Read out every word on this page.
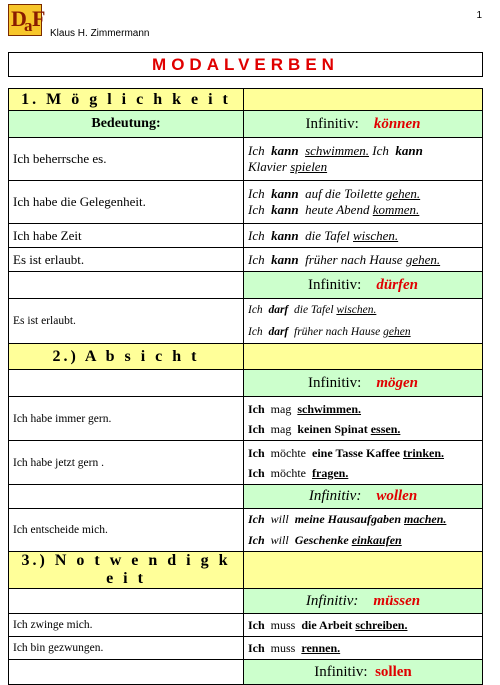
D
a F
Klaus H. Zimmermann
1
MODALVERBEN
1. M ö g l i c h k e i t	
Bedeutung:	Infinitiv: können
Ich beherrsche es.	Ich kann schwimmen. Ich kann
Klavier spielen
Ich habe die Gelegenheit.	Ich kann auf die Toilette gehen.
Ich kann heute Abend kommen.
Ich habe Zeit	Ich kann die Tafel wischen.
Es ist erlaubt.	Ich kann früher nach Hause gehen.
	Infinitiv: dürfen
Es ist erlaubt.	Ich darf die Tafel wischen.
Ich darf früher nach Hause gehen
2.) A b s i c h t	
	Infinitiv: mögen
Ich habe immer gern.	Ich mag schwimmen.
Ich mag keinen Spinat essen.
Ich habe jetzt gern .	Ich möchte eine Tasse Kaffee trinken.
Ich möchte fragen.
	Infinitiv: wollen
Ich entscheide mich.	Ich will meine Hausaufgaben machen.
Ich will Geschenke einkaufen
3.) N o t w e n d i g k e i t	
	Infinitiv: müssen
Ich zwinge mich.	Ich muss die Arbeit schreiben.
Ich bin gezwungen.	Ich muss rennen.
	Infinitiv: sollen
